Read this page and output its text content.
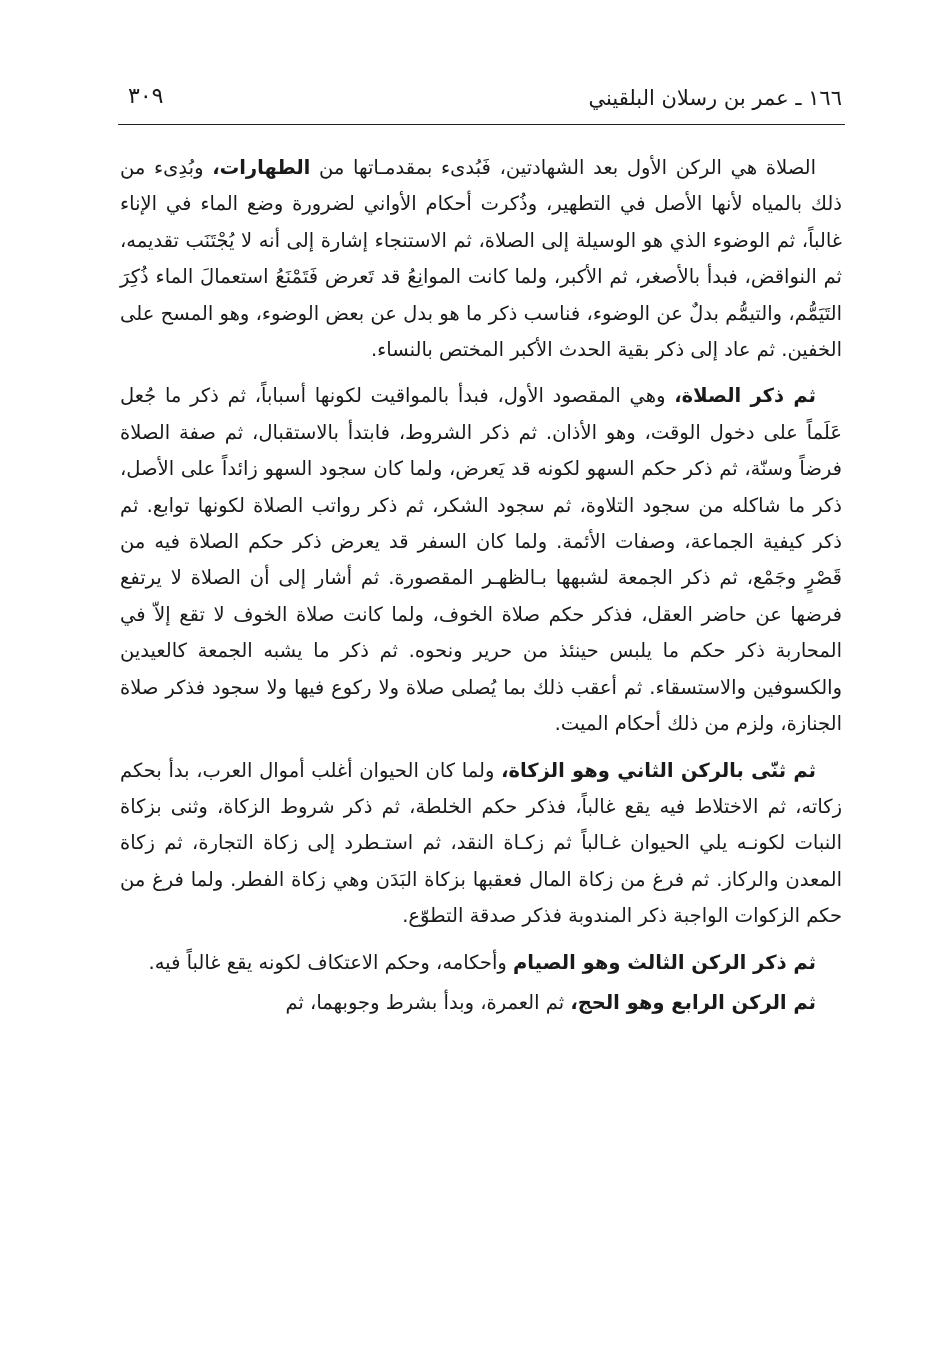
١٦٦ ـ عمر بن رسلان البلقيني
٣٠٩

الصلاة هي الركن الأول بعد الشهادتين، فَبُدىء بمقدمـاتها من الطهارات، وبُدِىء من ذلك بالمياه لأنها الأصل في التطهير، وذُكرت أحكام الأواني لضرورة وضع الماء في الإناء غالباً، ثم الوضوء الذي هو الوسيلة إلى الصلاة، ثم الاستنجاء إشارة إلى أنه لا يُجْتَنَب تقديمه، ثم النواقض، فبدأ بالأصغر، ثم الأكبر، ولما كانت الموانِعُ قد تَعرض فَتَمْنَعُ استعمالَ الماء ذُكِرَ التَيَمُّم، والتيمُّم بدلٌ عن الوضوء، فناسب ذكر ما هو بدل عن بعض الوضوء، وهو المسح على الخفين. ثم عاد إلى ذكر بقية الحدث الأكبر المختص بالنساء.

ثم ذكر الصلاة، وهي المقصود الأول، فبدأ بالمواقيت لكونها أسباباً، ثم ذكر ما جُعل عَلَماً على دخول الوقت، وهو الأذان. ثم ذكر الشروط، فابتدأ بالاستقبال، ثم صفة الصلاة فرضاً وسنّة، ثم ذكر حكم السهو لكونه قد يَعرض، ولما كان سجود السهو زائداً على الأصل، ذكر ما شاكله من سجود التلاوة، ثم سجود الشكر، ثم ذكر رواتب الصلاة لكونها توابع. ثم ذكر كيفية الجماعة، وصفات الأئمة. ولما كان السفر قد يعرض ذكر حكم الصلاة فيه من قَصْرٍ وجَمْع، ثم ذكر الجمعة لشبهها بـالظهـر المقصورة. ثم أشار إلى أن الصلاة لا يرتفع فرضها عن حاضر العقل، فذكر حكم صلاة الخوف، ولما كانت صلاة الخوف لا تقع إلاّ في المحاربة ذكر حكم ما يلبس حينئذ من حرير ونحوه. ثم ذكر ما يشبه الجمعة كالعيدين والكسوفين والاستسقاء. ثم أعقب ذلك بما يُصلى صلاة ولا ركوع فيها ولا سجود فذكر صلاة الجنازة، ولزم من ذلك أحكام الميت.

ثم ثنّى بالركن الثاني وهو الزكاة، ولما كان الحيوان أغلب أموال العرب، بدأ بحكم زكاته، ثم الاختلاط فيه يقع غالباً، فذكر حكم الخلطة، ثم ذكر شروط الزكاة، وثنى بزكاة النبات لكونـه يلي الحيوان غـالباً ثم زكـاة النقد، ثم استـطرد إلى زكاة التجارة، ثم زكاة المعدن والركاز. ثم فرغ من زكاة المال فعقبها بزكاة البَدَن وهي زكاة الفطر. ولما فرغ من حكم الزكوات الواجبة ذكر المندوبة فذكر صدقة التطوّع.

ثم ذكر الركن الثالث وهو الصيام وأحكامه، وحكم الاعتكاف لكونه يقع غالباً فيه.

ثم الركن الرابع وهو الحج، ثم العمرة، وبدأ بشرط وجوبهما، ثم
